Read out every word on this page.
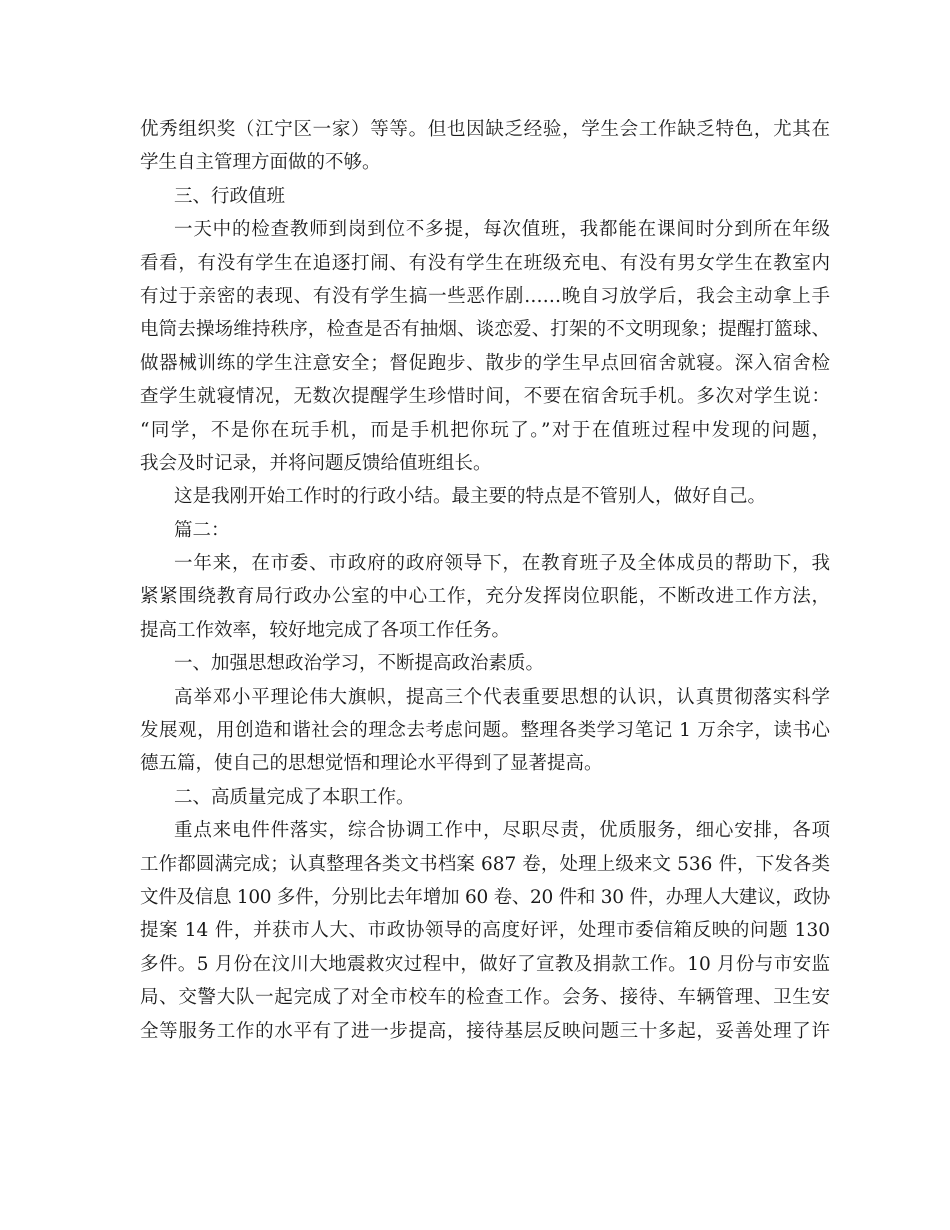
优秀组织奖（江宁区一家）等等。但也因缺乏经验，学生会工作缺乏特色，尤其在
学生自主管理方面做的不够。
三、行政值班
一天中的检查教师到岗到位不多提，每次值班，我都能在课间时分到所在年级
看看，有没有学生在追逐打闹、有没有学生在班级充电、有没有男女学生在教室内
有过于亲密的表现、有没有学生搞一些恶作剧……晚自习放学后，我会主动拿上手
电筒去操场维持秩序，检查是否有抽烟、谈恋爱、打架的不文明现象；提醒打篮球、
做器械训练的学生注意安全；督促跑步、散步的学生早点回宿舍就寝。深入宿舍检
查学生就寝情况，无数次提醒学生珍惜时间，不要在宿舍玩手机。多次对学生说：
“同学，不是你在玩手机，而是手机把你玩了。”对于在值班过程中发现的问题，
我会及时记录，并将问题反馈给值班组长。
这是我刚开始工作时的行政小结。最主要的特点是不管别人，做好自己。
篇二：
一年来，在市委、市政府的政府领导下，在教育班子及全体成员的帮助下，我
紧紧围绕教育局行政办公室的中心工作，充分发挥岗位职能，不断改进工作方法，
提高工作效率，较好地完成了各项工作任务。
一、加强思想政治学习，不断提高政治素质。
高举邓小平理论伟大旗帜，提高三个代表重要思想的认识，认真贯彻落实科学
发展观，用创造和谐社会的理念去考虑问题。整理各类学习笔记 1 万余字，读书心
德五篇，使自己的思想觉悟和理论水平得到了显著提高。
二、高质量完成了本职工作。
重点来电件件落实，综合协调工作中，尽职尽责，优质服务，细心安排，各项
工作都圆满完成；认真整理各类文书档案 687 卷，处理上级来文 536 件，下发各类
文件及信息 100 多件，分别比去年增加 60 卷、20 件和 30 件，办理人大建议，政协
提案 14 件，并获市人大、市政协领导的高度好评，处理市委信箱反映的问题 130
多件。5 月份在汶川大地震救灾过程中，做好了宣教及捐款工作。10 月份与市安监
局、交警大队一起完成了对全市校车的检查工作。会务、接待、车辆管理、卫生安
全等服务工作的水平有了进一步提高，接待基层反映问题三十多起，妥善处理了许
